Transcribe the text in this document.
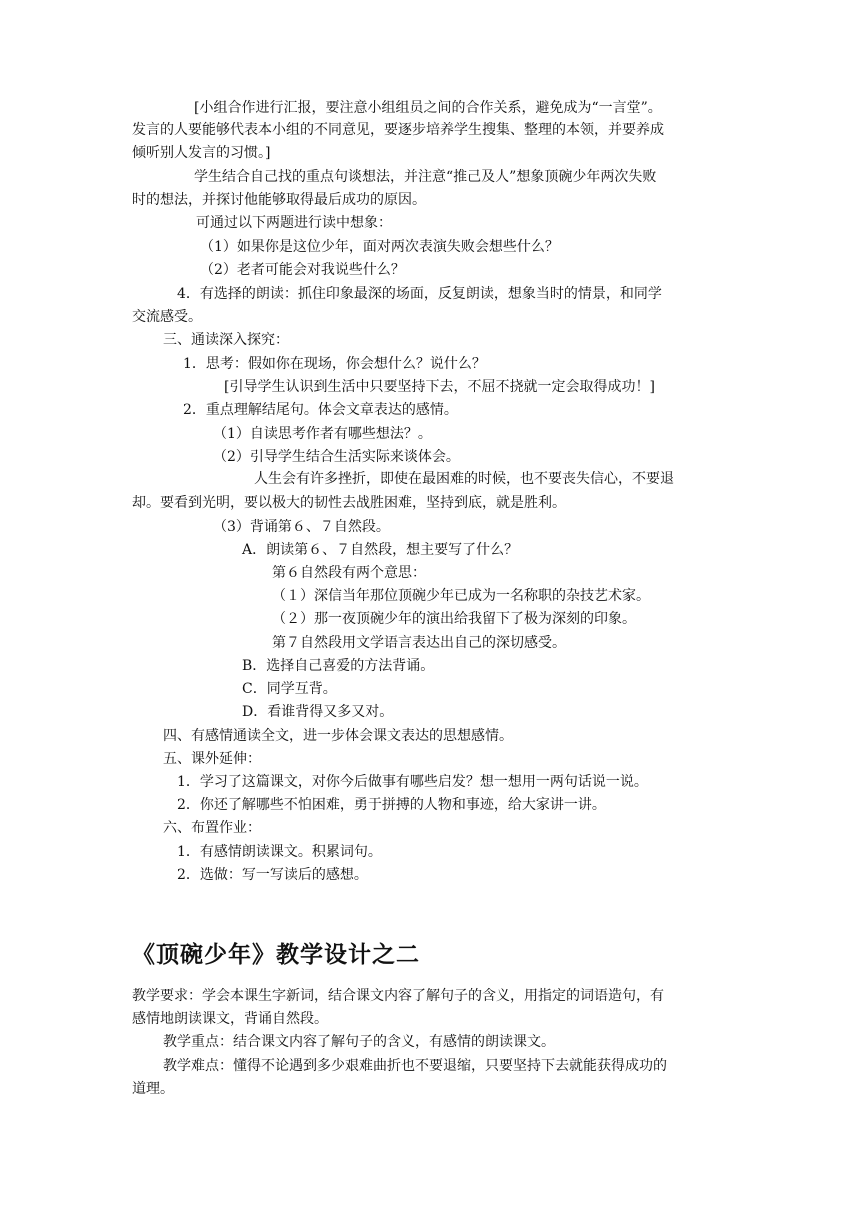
[小组合作进行汇报，要注意小组组员之间的合作关系，避免成为“一言堂”。
发言的人要能够代表本小组的不同意见，要逐步培养学生搜集、整理的本领，并要养成
倾听别人发言的习惯。]
学生结合自己找的重点句谈想法，并注意“推己及人”想象顶碗少年两次失败
时的想法，并探讨他能够取得最后成功的原因。
可通过以下两题进行读中想象：
（1）如果你是这位少年，面对两次表演失败会想些什么？
（2）老者可能会对我说些什么？
4．有选择的朗读：抓住印象最深的场面，反复朗读，想象当时的情景，和同学
交流感受。
三、通读深入探究：
1．思考：假如你在现场，你会想什么？说什么？
[引导学生认识到生活中只要坚持下去，不屈不挠就一定会取得成功！]
2．重点理解结尾句。体会文章表达的感情。
（1）自读思考作者有哪些想法？。
（2）引导学生结合生活实际来谈体会。
人生会有许多挫折，即使在最困难的时候，也不要丧失信心，不要退
却。要看到光明，要以极大的韧性去战胜困难，坚持到底，就是胜利。
（3）背诵第６、７自然段。
A．朗读第６、７自然段，想主要写了什么？
第６自然段有两个意思：
（１）深信当年那位顶碗少年已成为一名称职的杂技艺术家。
（２）那一夜顶碗少年的演出给我留下了极为深刻的印象。
第７自然段用文学语言表达出自己的深切感受。
B．选择自己喜爱的方法背诵。
C．同学互背。
D．看谁背得又多又对。
四、有感情通读全文，进一步体会课文表达的思想感情。
五、课外延伸：
1．学习了这篇课文，对你今后做事有哪些启发？想一想用一两句话说一说。
2．你还了解哪些不怕困难，勇于拼搏的人物和事迹，给大家讲一讲。
六、布置作业：
1．有感情朗读课文。积累词句。
2．选做：写一写读后的感想。
《顶碗少年》教学设计之二
教学要求：学会本课生字新词，结合课文内容了解句子的含义，用指定的词语造句，有
感情地朗读课文，背诵自然段。
教学重点：结合课文内容了解句子的含义，有感情的朗读课文。
教学难点：懂得不论遇到多少艰难曲折也不要退缩，只要坚持下去就能获得成功的
道理。
